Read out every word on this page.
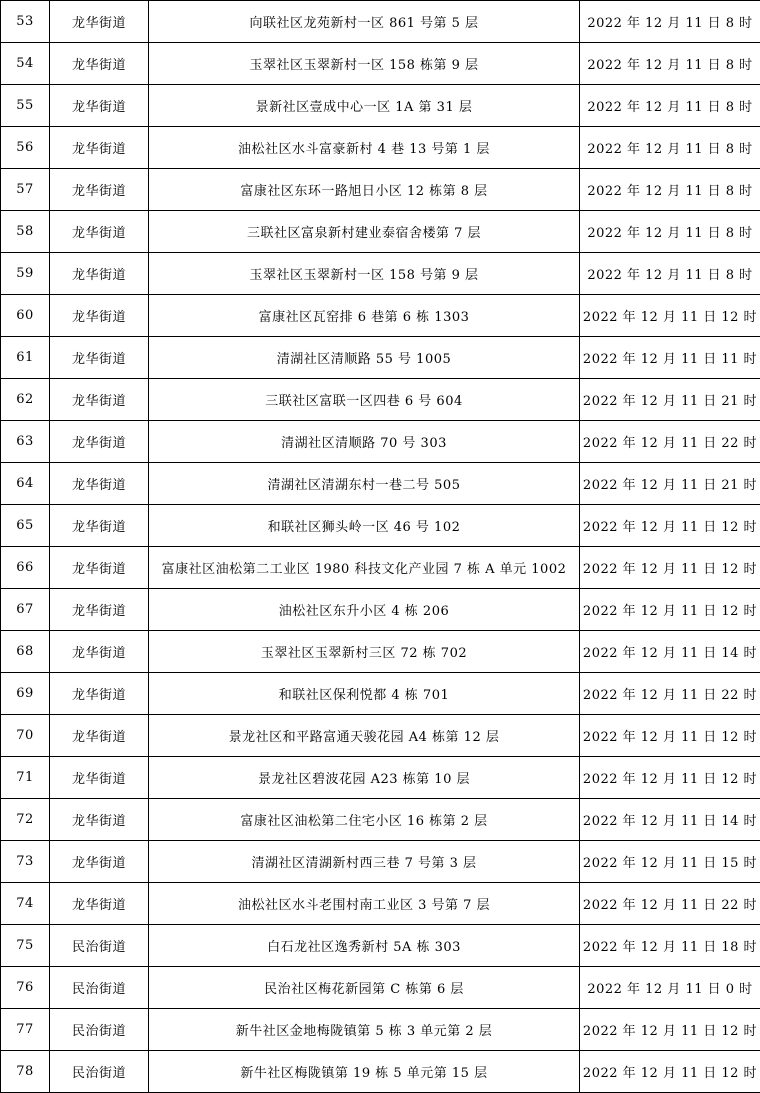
53	龙华街道	向联社区龙苑新村一区 861 号第 5 层	2022 年 12 月 11 日 8 时
54	龙华街道	玉翠社区玉翠新村一区 158 栋第 9 层	2022 年 12 月 11 日 8 时
55	龙华街道	景新社区壹成中心一区 1A 第 31 层	2022 年 12 月 11 日 8 时
56	龙华街道	油松社区水斗富豪新村 4 巷 13 号第 1 层	2022 年 12 月 11 日 8 时
57	龙华街道	富康社区东环一路旭日小区 12 栋第 8 层	2022 年 12 月 11 日 8 时
58	龙华街道	三联社区富泉新村建业泰宿舍楼第 7 层	2022 年 12 月 11 日 8 时
59	龙华街道	玉翠社区玉翠新村一区 158 号第 9 层	2022 年 12 月 11 日 8 时
60	龙华街道	富康社区瓦窑排 6 巷第 6 栋 1303	2022 年 12 月 11 日 12 时
61	龙华街道	清湖社区清顺路 55 号 1005	2022 年 12 月 11 日 11 时
62	龙华街道	三联社区富联一区四巷 6 号 604	2022 年 12 月 11 日 21 时
63	龙华街道	清湖社区清顺路 70 号 303	2022 年 12 月 11 日 22 时
64	龙华街道	清湖社区清湖东村一巷二号 505	2022 年 12 月 11 日 21 时
65	龙华街道	和联社区狮头岭一区 46 号 102	2022 年 12 月 11 日 12 时
66	龙华街道	富康社区油松第二工业区 1980 科技文化产业园 7 栋 A 单元 1002	2022 年 12 月 11 日 12 时
67	龙华街道	油松社区东升小区 4 栋 206	2022 年 12 月 11 日 12 时
68	龙华街道	玉翠社区玉翠新村三区 72 栋 702	2022 年 12 月 11 日 14 时
69	龙华街道	和联社区保利悦都 4 栋 701	2022 年 12 月 11 日 22 时
70	龙华街道	景龙社区和平路富通天骏花园 A4 栋第 12 层	2022 年 12 月 11 日 12 时
71	龙华街道	景龙社区碧波花园 A23 栋第 10 层	2022 年 12 月 11 日 12 时
72	龙华街道	富康社区油松第二住宅小区 16 栋第 2 层	2022 年 12 月 11 日 14 时
73	龙华街道	清湖社区清湖新村西三巷 7 号第 3 层	2022 年 12 月 11 日 15 时
74	龙华街道	油松社区水斗老围村南工业区 3 号第 7 层	2022 年 12 月 11 日 22 时
75	民治街道	白石龙社区逸秀新村 5A 栋 303	2022 年 12 月 11 日 18 时
76	民治街道	民治社区梅花新园第 C 栋第 6 层	2022 年 12 月 11 日 0 时
77	民治街道	新牛社区金地梅陇镇第 5 栋 3 单元第 2 层	2022 年 12 月 11 日 12 时
78	民治街道	新牛社区梅陇镇第 19 栋 5 单元第 15 层	2022 年 12 月 11 日 12 时
